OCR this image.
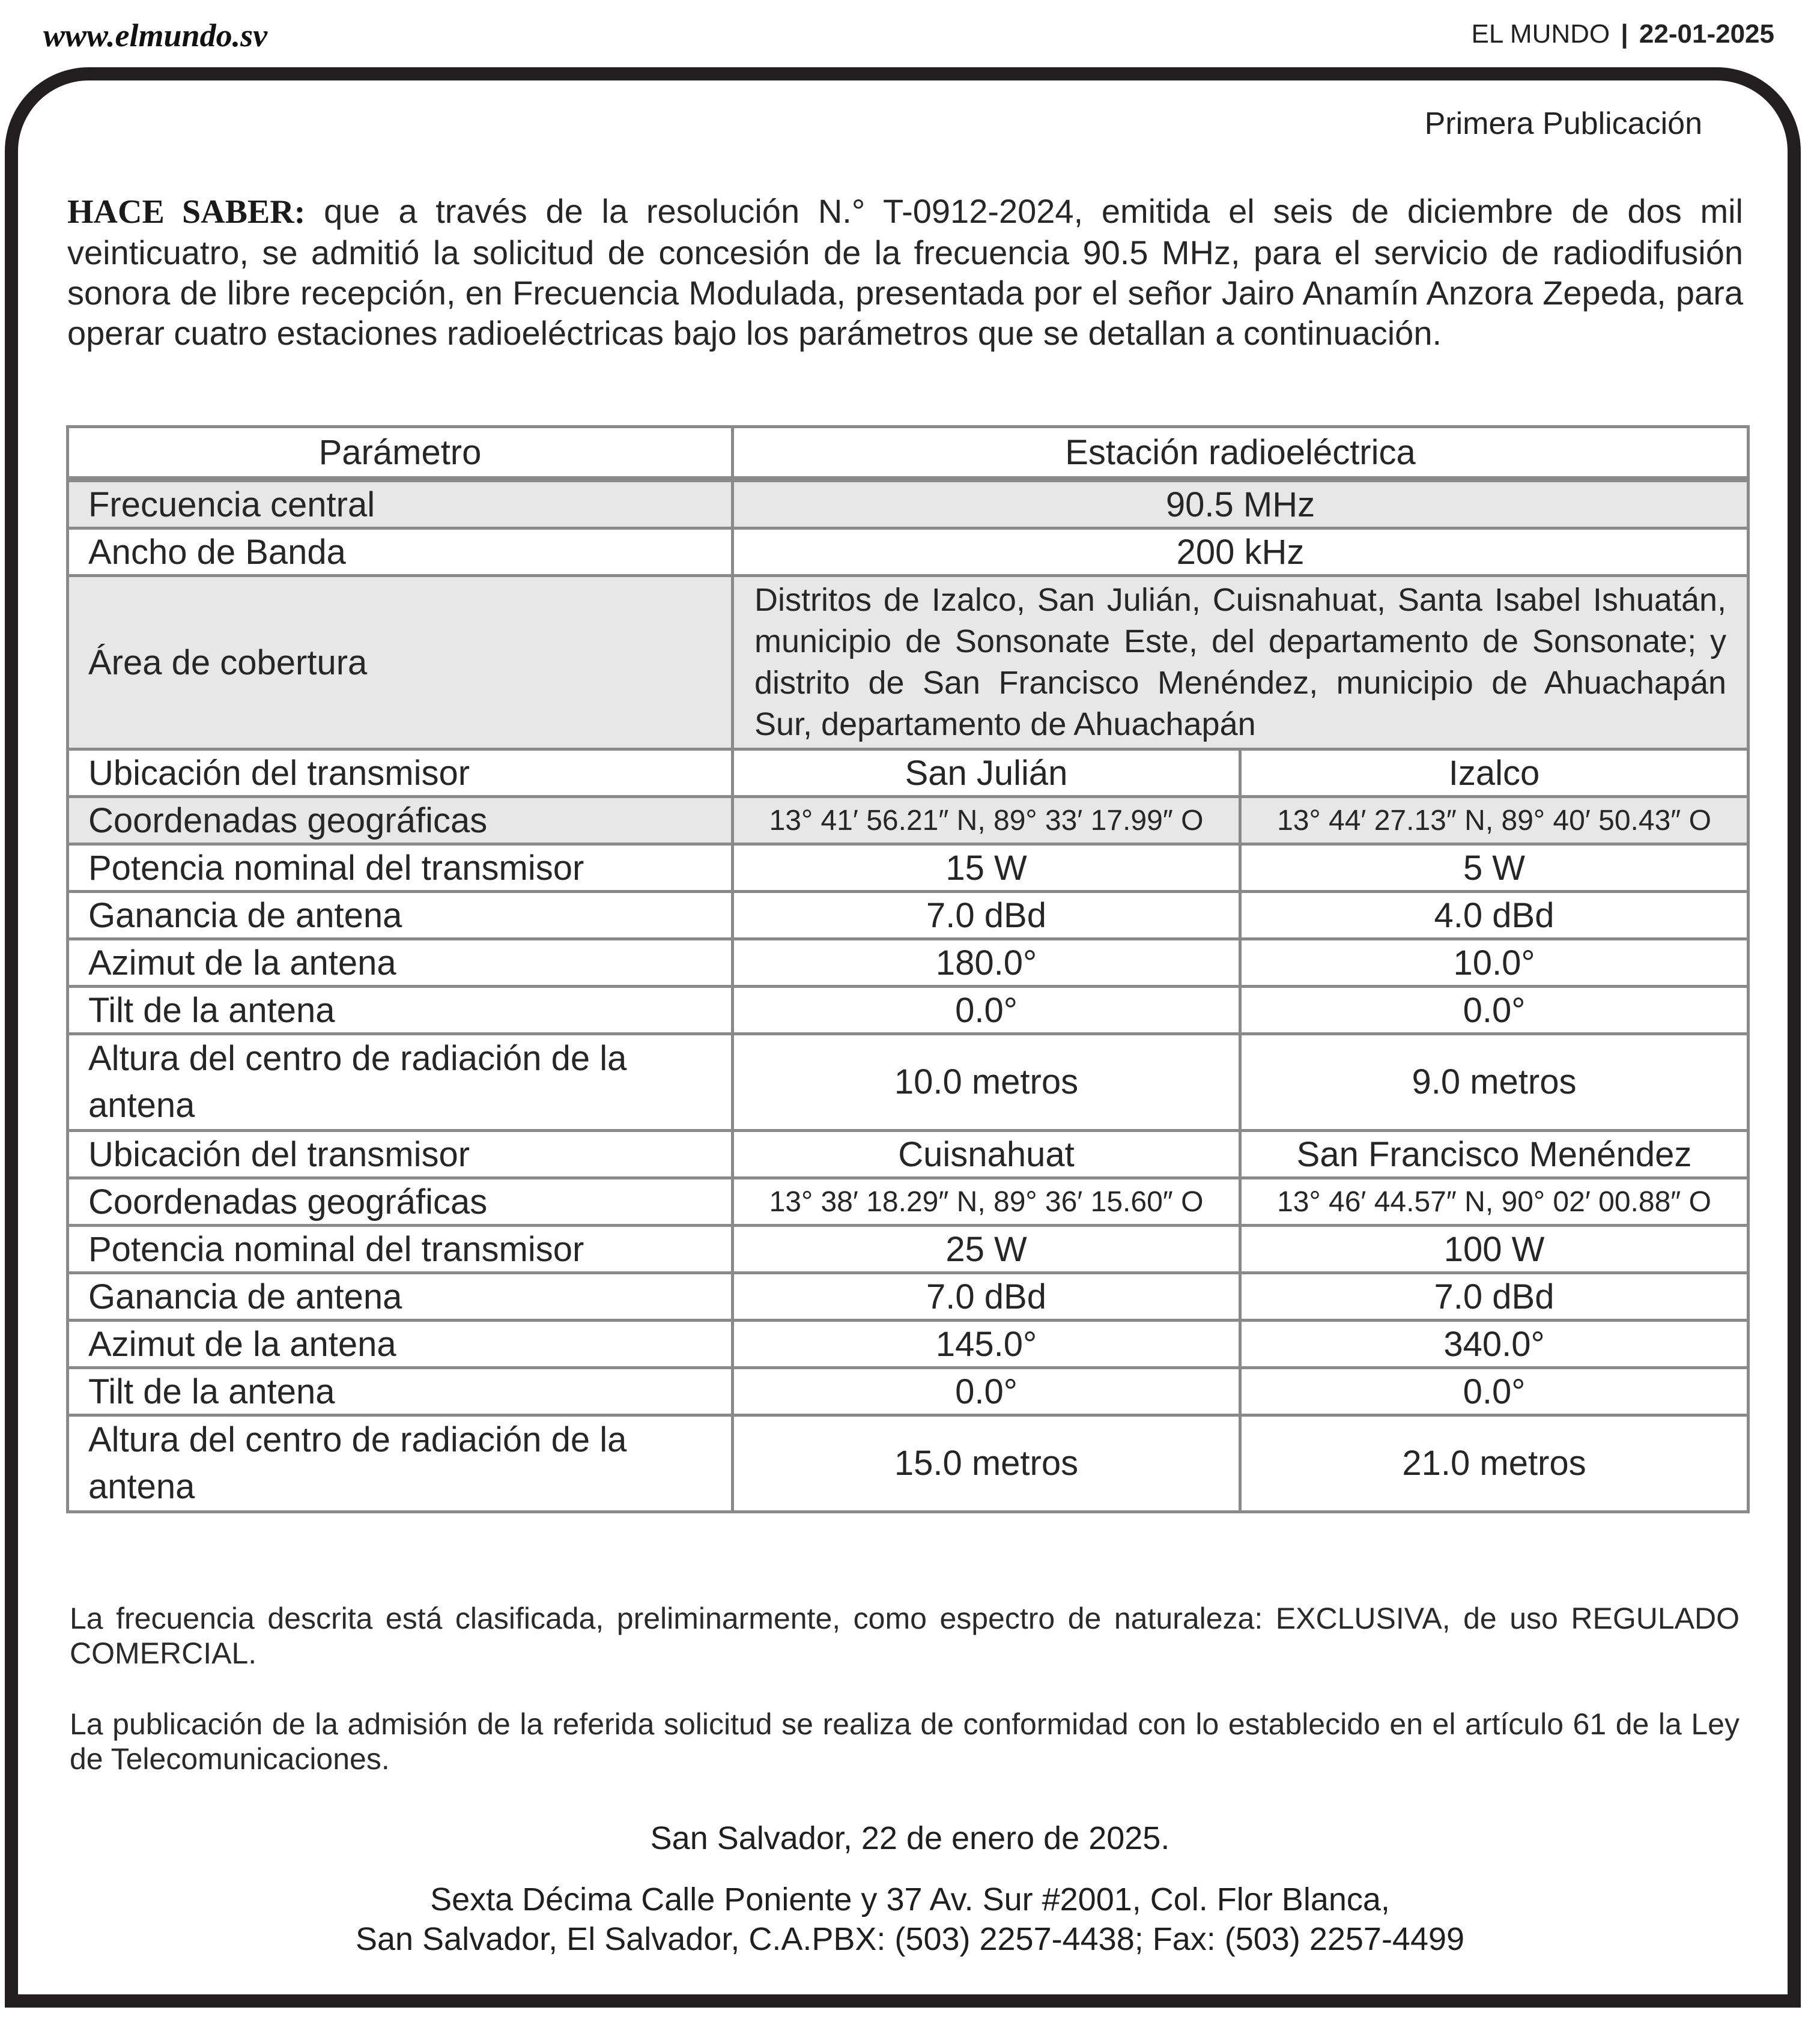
www.elmundo.sv	EL MUNDO | 22-01-2025
Primera Publicación

HACE SABER: que a través de la resolución N.° T-0912-2024, emitida el seis de diciembre de dos mil veinticuatro, se admitió la solicitud de concesión de la frecuencia 90.5 MHz, para el servicio de radiodifusión sonora de libre recepción, en Frecuencia Modulada, presentada por el señor Jairo Anamín Anzora Zepeda, para operar cuatro estaciones radioeléctricas bajo los parámetros que se detallan a continuación.

Parámetro	Estación radioeléctrica	
Frecuencia central	90.5 MHz	
Ancho de Banda	200 kHz	
Área de cobertura	Distritos de Izalco, San Julián, Cuisnahuat, Santa Isabel Ishuatán, municipio de Sonsonate Este, del departamento de Sonsonate; y distrito de San Francisco Menéndez, municipio de Ahuachapán Sur, departamento de Ahuachapán	
Ubicación del transmisor	San Julián	Izalco
Coordenadas geográficas	13° 41′ 56.21″ N, 89° 33′ 17.99″ O	13° 44′ 27.13″ N, 89° 40′ 50.43″ O
Potencia nominal del transmisor	15 W	5 W
Ganancia de antena	7.0 dBd	4.0 dBd
Azimut de la antena	180.0°	10.0°
Tilt de la antena	0.0°	0.0°
Altura del centro de radiación de la antena	10.0 metros	9.0 metros
Ubicación del transmisor	Cuisnahuat	San Francisco Menéndez
Coordenadas geográficas	13° 38′ 18.29″ N, 89° 36′ 15.60″ O	13° 46′ 44.57″ N, 90° 02′ 00.88″ O
Potencia nominal del transmisor	25 W	100 W
Ganancia de antena	7.0 dBd	7.0 dBd
Azimut de la antena	145.0°	340.0°
Tilt de la antena	0.0°	0.0°
Altura del centro de radiación de la antena	15.0 metros	21.0 metros

La frecuencia descrita está clasificada, preliminarmente, como espectro de naturaleza: EXCLUSIVA, de uso REGULADO COMERCIAL.

La publicación de la admisión de la referida solicitud se realiza de conformidad con lo establecido en el artículo 61 de la Ley de Telecomunicaciones.

San Salvador, 22 de enero de 2025.
Sexta Décima Calle Poniente y 37 Av. Sur #2001, Col. Flor Blanca,
San Salvador, El Salvador, C.A.PBX: (503) 2257-4438; Fax: (503) 2257-4499
